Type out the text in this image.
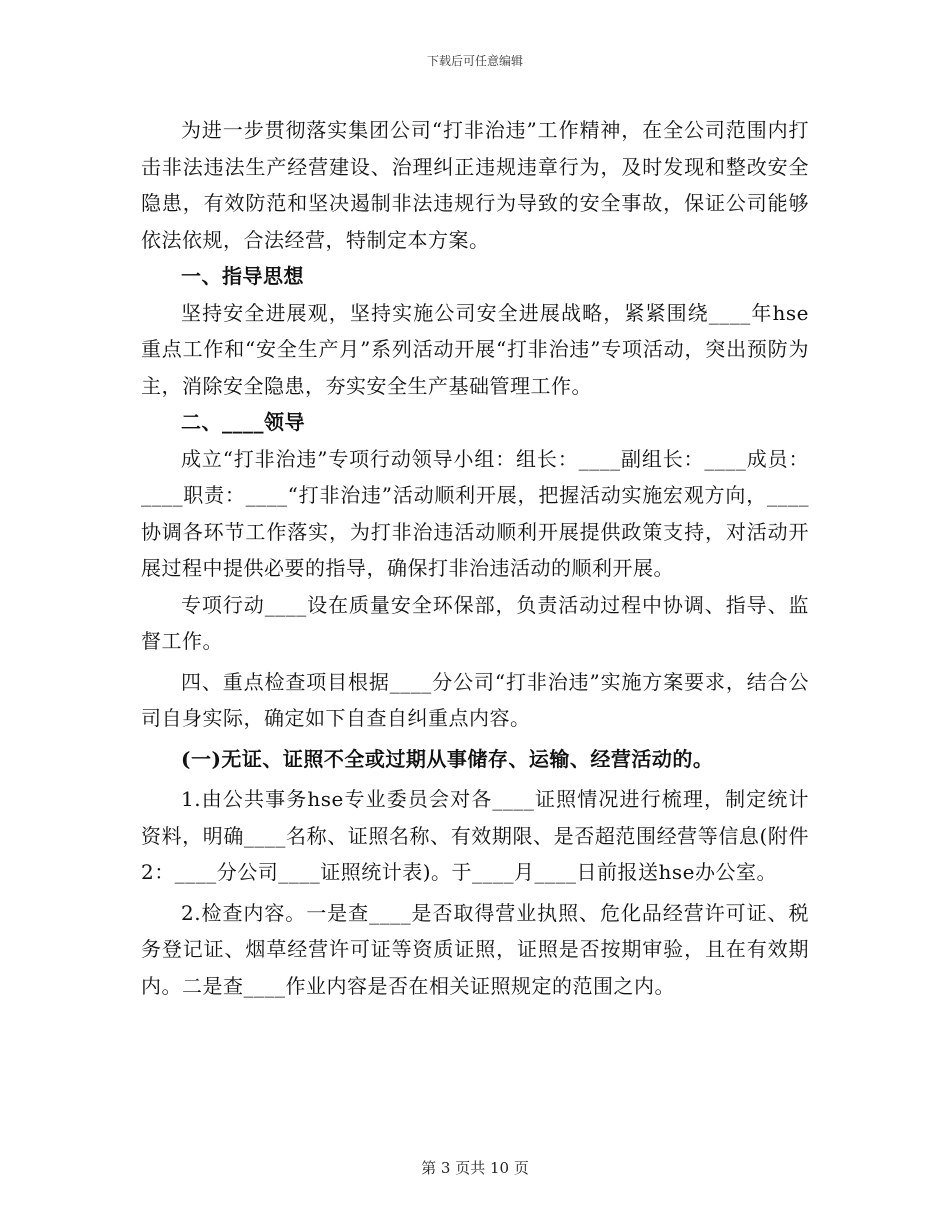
下载后可任意编辑

为进一步贯彻落实集团公司“打非治违”工作精神，在全公司范围内打击非法违法生产经营建设、治理纠正违规违章行为，及时发现和整改安全隐患，有效防范和坚决遏制非法违规行为导致的安全事故，保证公司能够依法依规，合法经营，特制定本方案。

一、指导思想

坚持安全进展观，坚持实施公司安全进展战略，紧紧围绕____年hse重点工作和“安全生产月”系列活动开展“打非治违”专项活动，突出预防为主，消除安全隐患，夯实安全生产基础管理工作。

二、____领导

成立“打非治违”专项行动领导小组：组长：____副组长：____成员：____职责：____“打非治违”活动顺利开展，把握活动实施宏观方向，____协调各环节工作落实，为打非治违活动顺利开展提供政策支持，对活动开展过程中提供必要的指导，确保打非治违活动的顺利开展。

专项行动____设在质量安全环保部，负责活动过程中协调、指导、监督工作。

四、重点检查项目根据____分公司“打非治违”实施方案要求，结合公司自身实际，确定如下自查自纠重点内容。

(一)无证、证照不全或过期从事储存、运输、经营活动的。

1.由公共事务hse专业委员会对各____证照情况进行梳理，制定统计资料，明确____名称、证照名称、有效期限、是否超范围经营等信息(附件2：____分公司____证照统计表)。于____月____日前报送hse办公室。

2.检查内容。一是查____是否取得营业执照、危化品经营许可证、税务登记证、烟草经营许可证等资质证照，证照是否按期审验，且在有效期内。二是查____作业内容是否在相关证照规定的范围之内。

第 3 页共 10 页
